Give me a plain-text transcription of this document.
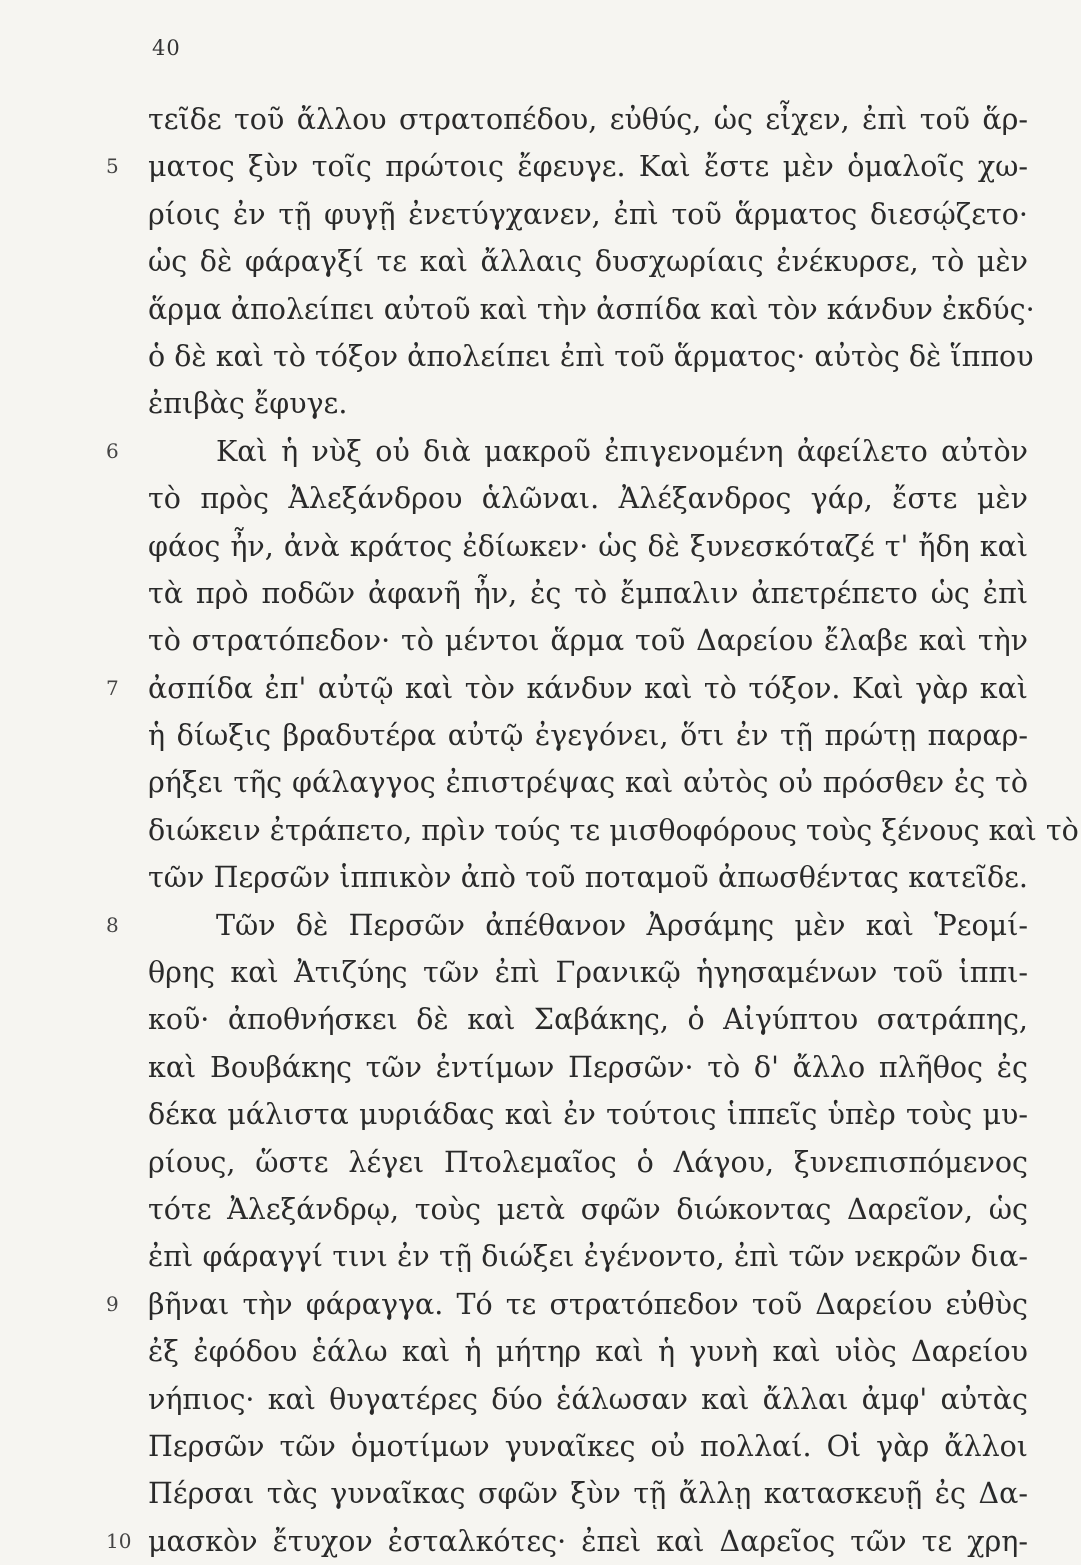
40
τεῖδε τοῦ ἄλλου στρατοπέδου, εὐθύς, ὡς εἶχεν, ἐπὶ τοῦ ἅρ-
5	ματος ξὺν τοῖς πρώτοις ἔφευγε. Καὶ ἔστε μὲν ὁμαλοῖς χω-
ρίοις ἐν τῇ φυγῇ ἐνετύγχανεν, ἐπὶ τοῦ ἅρματος διεσῴζετο·
ὡς δὲ φάραγξί τε καὶ ἄλλαις δυσχωρίαις ἐνέκυρσε, τὸ μὲν
ἅρμα ἀπολείπει αὐτοῦ καὶ τὴν ἀσπίδα καὶ τὸν κάνδυν ἐκδύς·
ὁ δὲ καὶ τὸ τόξον ἀπολείπει ἐπὶ τοῦ ἅρματος· αὐτὸς δὲ ἵππου
ἐπιβὰς ἔφυγε.
6	Καὶ ἡ νὺξ οὐ διὰ μακροῦ ἐπιγενομένη ἀφείλετο αὐτὸν
τὸ πρὸς Ἀλεξάνδρου ἁλῶναι. Ἀλέξανδρος γάρ, ἔστε μὲν
φάος ἦν, ἀνὰ κράτος ἐδίωκεν· ὡς δὲ ξυνεσκόταζέ τ' ἤδη καὶ
τὰ πρὸ ποδῶν ἀφανῆ ἦν, ἐς τὸ ἔμπαλιν ἀπετρέπετο ὡς ἐπὶ
τὸ στρατόπεδον· τὸ μέντοι ἅρμα τοῦ Δαρείου ἔλαβε καὶ τὴν
7	ἀσπίδα ἐπ' αὐτῷ καὶ τὸν κάνδυν καὶ τὸ τόξον. Καὶ γὰρ καὶ
ἡ δίωξις βραδυτέρα αὐτῷ ἐγεγόνει, ὅτι ἐν τῇ πρώτῃ παραρ-
ρήξει τῆς φάλαγγος ἐπιστρέψας καὶ αὐτὸς οὐ πρόσθεν ἐς τὸ
διώκειν ἐτράπετο, πρὶν τούς τε μισθοφόρους τοὺς ξένους καὶ τὸ
τῶν Περσῶν ἱππικὸν ἀπὸ τοῦ ποταμοῦ ἀπωσθέντας κατεῖδε.
8	Τῶν δὲ Περσῶν ἀπέθανον Ἀρσάμης μὲν καὶ Ῥεομί-
θρης καὶ Ἀτιζύης τῶν ἐπὶ Γρανικῷ ἡγησαμένων τοῦ ἱππι-
κοῦ· ἀποθνήσκει δὲ καὶ Σαβάκης, ὁ Αἰγύπτου σατράπης,
καὶ Βουβάκης τῶν ἐντίμων Περσῶν· τὸ δ' ἄλλο πλῆθος ἐς
δέκα μάλιστα μυριάδας καὶ ἐν τούτοις ἱππεῖς ὑπὲρ τοὺς μυ-
ρίους, ὥστε λέγει Πτολεμαῖος ὁ Λάγου, ξυνεπισπόμενος
τότε Ἀλεξάνδρῳ, τοὺς μετὰ σφῶν διώκοντας Δαρεῖον, ὡς
ἐπὶ φάραγγί τινι ἐν τῇ διώξει ἐγένοντο, ἐπὶ τῶν νεκρῶν δια-
9	βῆναι τὴν φάραγγα. Τό τε στρατόπεδον τοῦ Δαρείου εὐθὺς
ἐξ ἐφόδου ἑάλω καὶ ἡ μήτηρ καὶ ἡ γυνὴ καὶ υἱὸς Δαρείου
νήπιος· καὶ θυγατέρες δύο ἑάλωσαν καὶ ἄλλαι ἀμφ' αὐτὰς
Περσῶν τῶν ὁμοτίμων γυναῖκες οὐ πολλαί. Οἱ γὰρ ἄλλοι
Πέρσαι τὰς γυναῖκας σφῶν ξὺν τῇ ἄλλῃ κατασκευῇ ἐς Δα-
10 μασκὸν ἔτυχον ἐσταλκότες· ἐπεὶ καὶ Δαρεῖος τῶν τε χρη-
